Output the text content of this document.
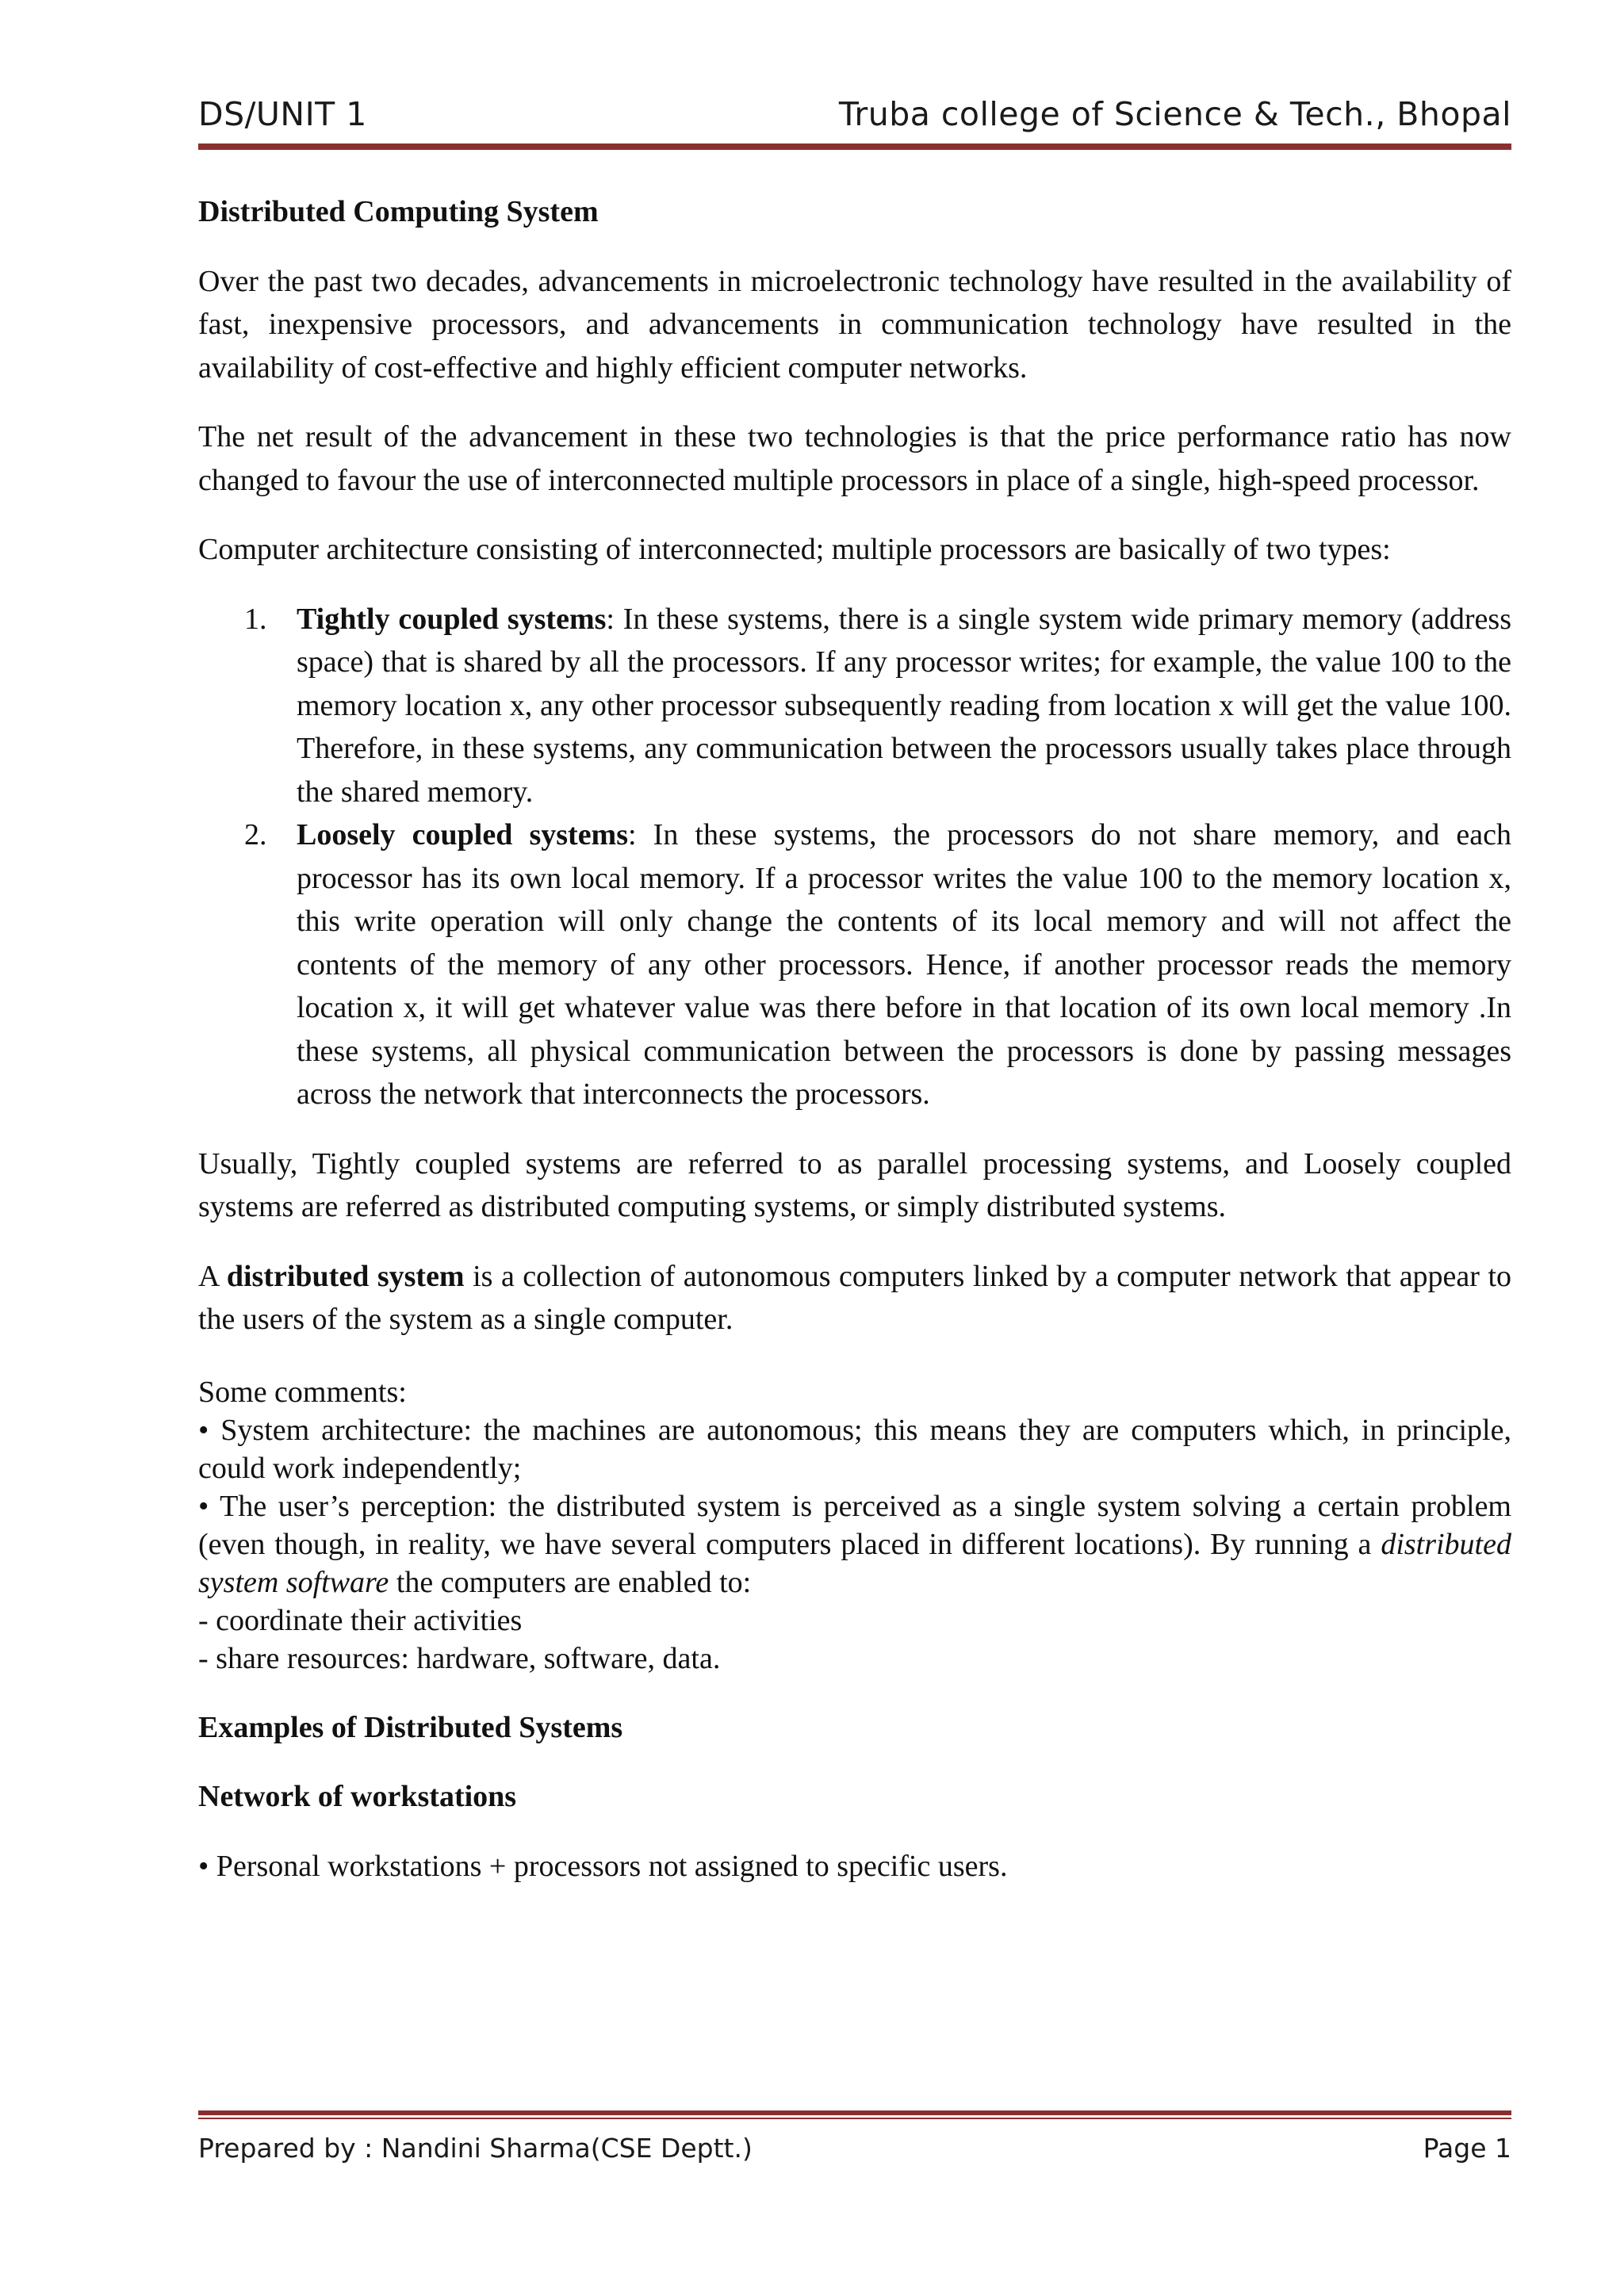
DS/UNIT 1	Truba college of Science & Tech., Bhopal
Distributed Computing System

Over the past two decades, advancements in microelectronic technology have resulted in the availability of fast, inexpensive processors, and advancements in communication technology have resulted in the availability of cost-effective and highly efficient computer networks.

The net result of the advancement in these two technologies is that the price performance ratio has now changed to favour the use of interconnected multiple processors in place of a single, high-speed processor.

Computer architecture consisting of interconnected; multiple processors are basically of two types:

1. Tightly coupled systems: In these systems, there is a single system wide primary memory (address space) that is shared by all the processors. If any processor writes; for example, the value 100 to the memory location x, any other processor subsequently reading from location x will get the value 100. Therefore, in these systems, any communication between the processors usually takes place through the shared memory.
2. Loosely coupled systems: In these systems, the processors do not share memory, and each processor has its own local memory. If a processor writes the value 100 to the memory location x, this write operation will only change the contents of its local memory and will not affect the contents of the memory of any other processors. Hence, if another processor reads the memory location x, it will get whatever value was there before in that location of its own local memory .In these systems, all physical communication between the processors is done by passing messages across the network that interconnects the processors.

Usually, Tightly coupled systems are referred to as parallel processing systems, and Loosely coupled systems are referred as distributed computing systems, or simply distributed systems.

A distributed system is a collection of autonomous computers linked by a computer network that appear to the users of the system as a single computer.

Some comments:

• System architecture: the machines are autonomous; this means they are computers which, in principle, could work independently;

• The user’s perception: the distributed system is perceived as a single system solving a certain problem (even though, in reality, we have several computers placed in different locations). By running a distributed system software the computers are enabled to:

- coordinate their activities

- share resources: hardware, software, data.

Examples of Distributed Systems
Network of workstations

• Personal workstations + processors not assigned to specific users.

Prepared by : Nandini Sharma(CSE Deptt.)	Page 1
